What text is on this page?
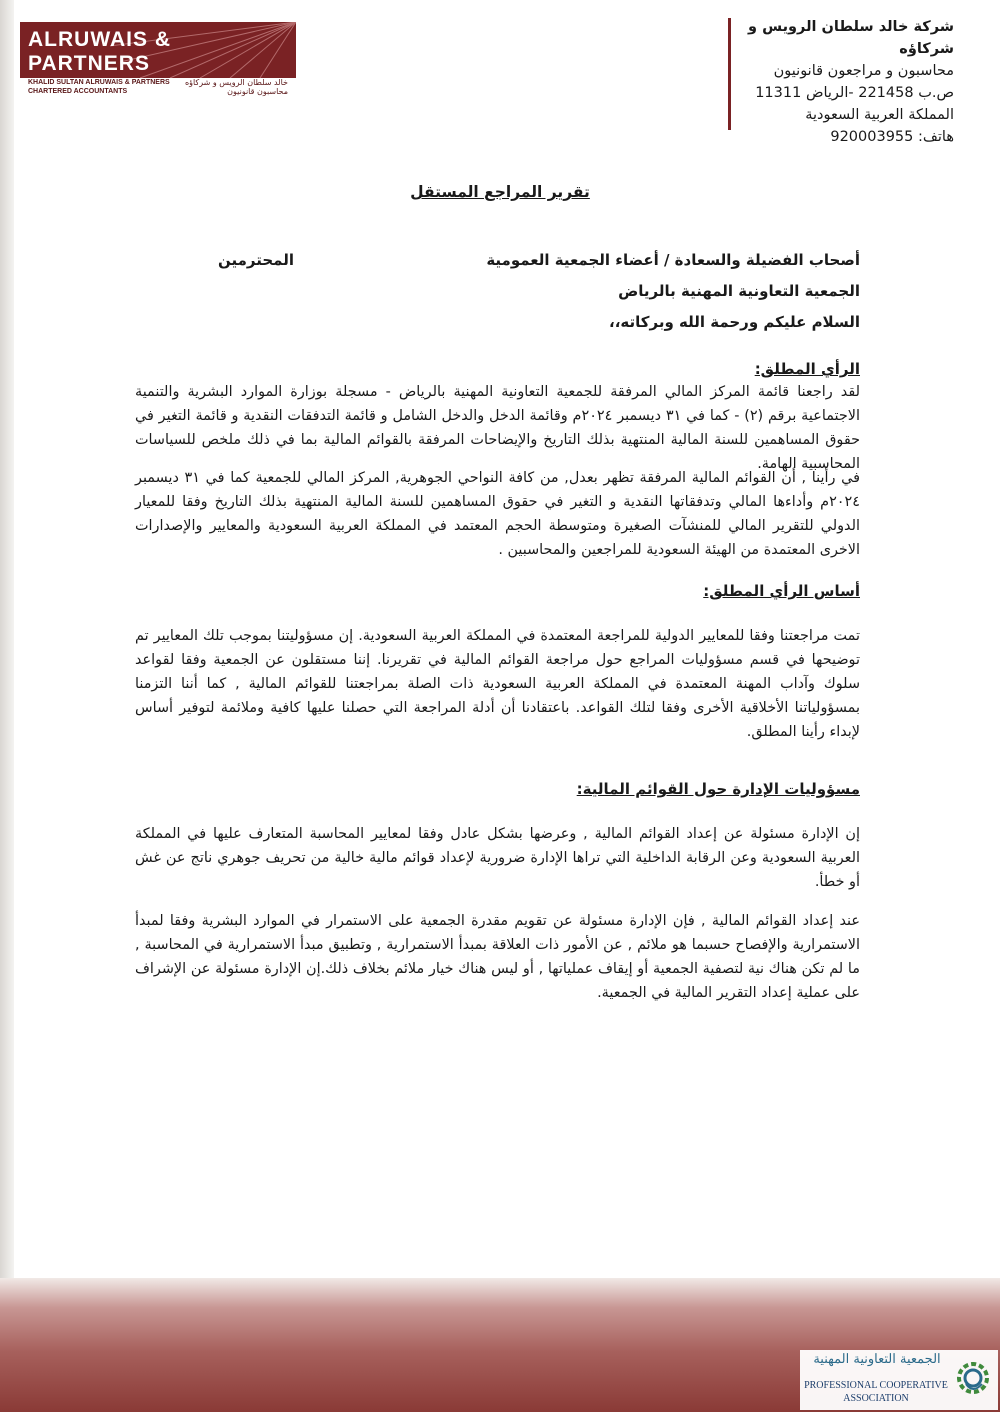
ALRUWAIS &
PARTNERS
KHALID SULTAN ALRUWAIS & PARTNERS
CHARTERED ACCOUNTANTS
خالد سلطان الرويس و شركاؤه
محاسبون قانونيون
شركة خالد سلطان الرويس و شركاؤه
محاسبون و مراجعون قانونيون
ص.ب 221458 -الرياض 11311
المملكة العربية السعودية
هاتف: 920003955
تقرير المراجع المستقل
أصحاب الفضيلة والسعادة / أعضاء الجمعية العمومية
المحترمين
الجمعية التعاونية المهنية بالرياض
السلام عليكم ورحمة الله وبركاته،،
الرأي المطلق:
لقد راجعنا قائمة المركز المالي المرفقة للجمعية التعاونية المهنية بالرياض - مسجلة بوزارة الموارد البشرية والتنمية الاجتماعية برقم (٢) - كما في ٣١ ديسمبر ٢٠٢٤م وقائمة الدخل والدخل الشامل و قائمة التدفقات النقدية و قائمة التغير في حقوق المساهمين للسنة المالية المنتهية بذلك التاريخ والإيضاحات المرفقة بالقوائم المالية بما في ذلك ملخص للسياسات المحاسبية الهامة.
في رأينا , أن القوائم المالية المرفقة تظهر بعدل, من كافة النواحي الجوهرية, المركز المالي للجمعية كما في ٣١ ديسمبر ٢٠٢٤م وأداءها المالي وتدفقاتها النقدية و التغير في حقوق المساهمين للسنة المالية المنتهية بذلك التاريخ وفقا للمعيار الدولي للتقرير المالي للمنشآت الصغيرة ومتوسطة الحجم المعتمد في المملكة العربية السعودية والمعايير والإصدارات الاخرى المعتمدة من الهيئة السعودية للمراجعين والمحاسبين .
أساس الرأي المطلق:
تمت مراجعتنا وفقا للمعايير الدولية للمراجعة المعتمدة في المملكة العربية السعودية. إن مسؤوليتنا بموجب تلك المعايير تم توضيحها في قسم مسؤوليات المراجع حول مراجعة القوائم المالية في تقريرنا. إننا مستقلون عن الجمعية وفقا لقواعد سلوك وآداب المهنة المعتمدة في المملكة العربية السعودية ذات الصلة بمراجعتنا للقوائم المالية , كما أننا التزمنا بمسؤولياتنا الأخلاقية الأخرى وفقا لتلك القواعد. باعتقادنا أن أدلة المراجعة التي حصلنا عليها كافية وملائمة لتوفير أساس لإبداء رأينا المطلق.
مسؤوليات الإدارة حول القوائم المالية:
إن الإدارة مسئولة عن إعداد القوائم المالية , وعرضها بشكل عادل وفقا لمعايير المحاسبة المتعارف عليها في المملكة العربية السعودية وعن الرقابة الداخلية التي تراها الإدارة ضرورية لإعداد قوائم مالية خالية من تحريف جوهري ناتج عن غش أو خطأ.
عند إعداد القوائم المالية , فإن الإدارة مسئولة عن تقويم مقدرة الجمعية على الاستمرار في الموارد البشرية وفقا لمبدأ الاستمرارية والإفصاح حسبما هو ملائم , عن الأمور ذات العلاقة بمبدأ الاستمرارية , وتطبيق مبدأ الاستمرارية في المحاسبة , ما لم تكن هناك نية لتصفية الجمعية أو إيقاف عملياتها , أو ليس هناك خيار ملائم بخلاف ذلك.إن الإدارة مسئولة عن الإشراف على عملية إعداد التقرير المالية في الجمعية.
الجمعية التعاونية المهنية
PROFESSIONAL COOPERATIVE
ASSOCIATION
